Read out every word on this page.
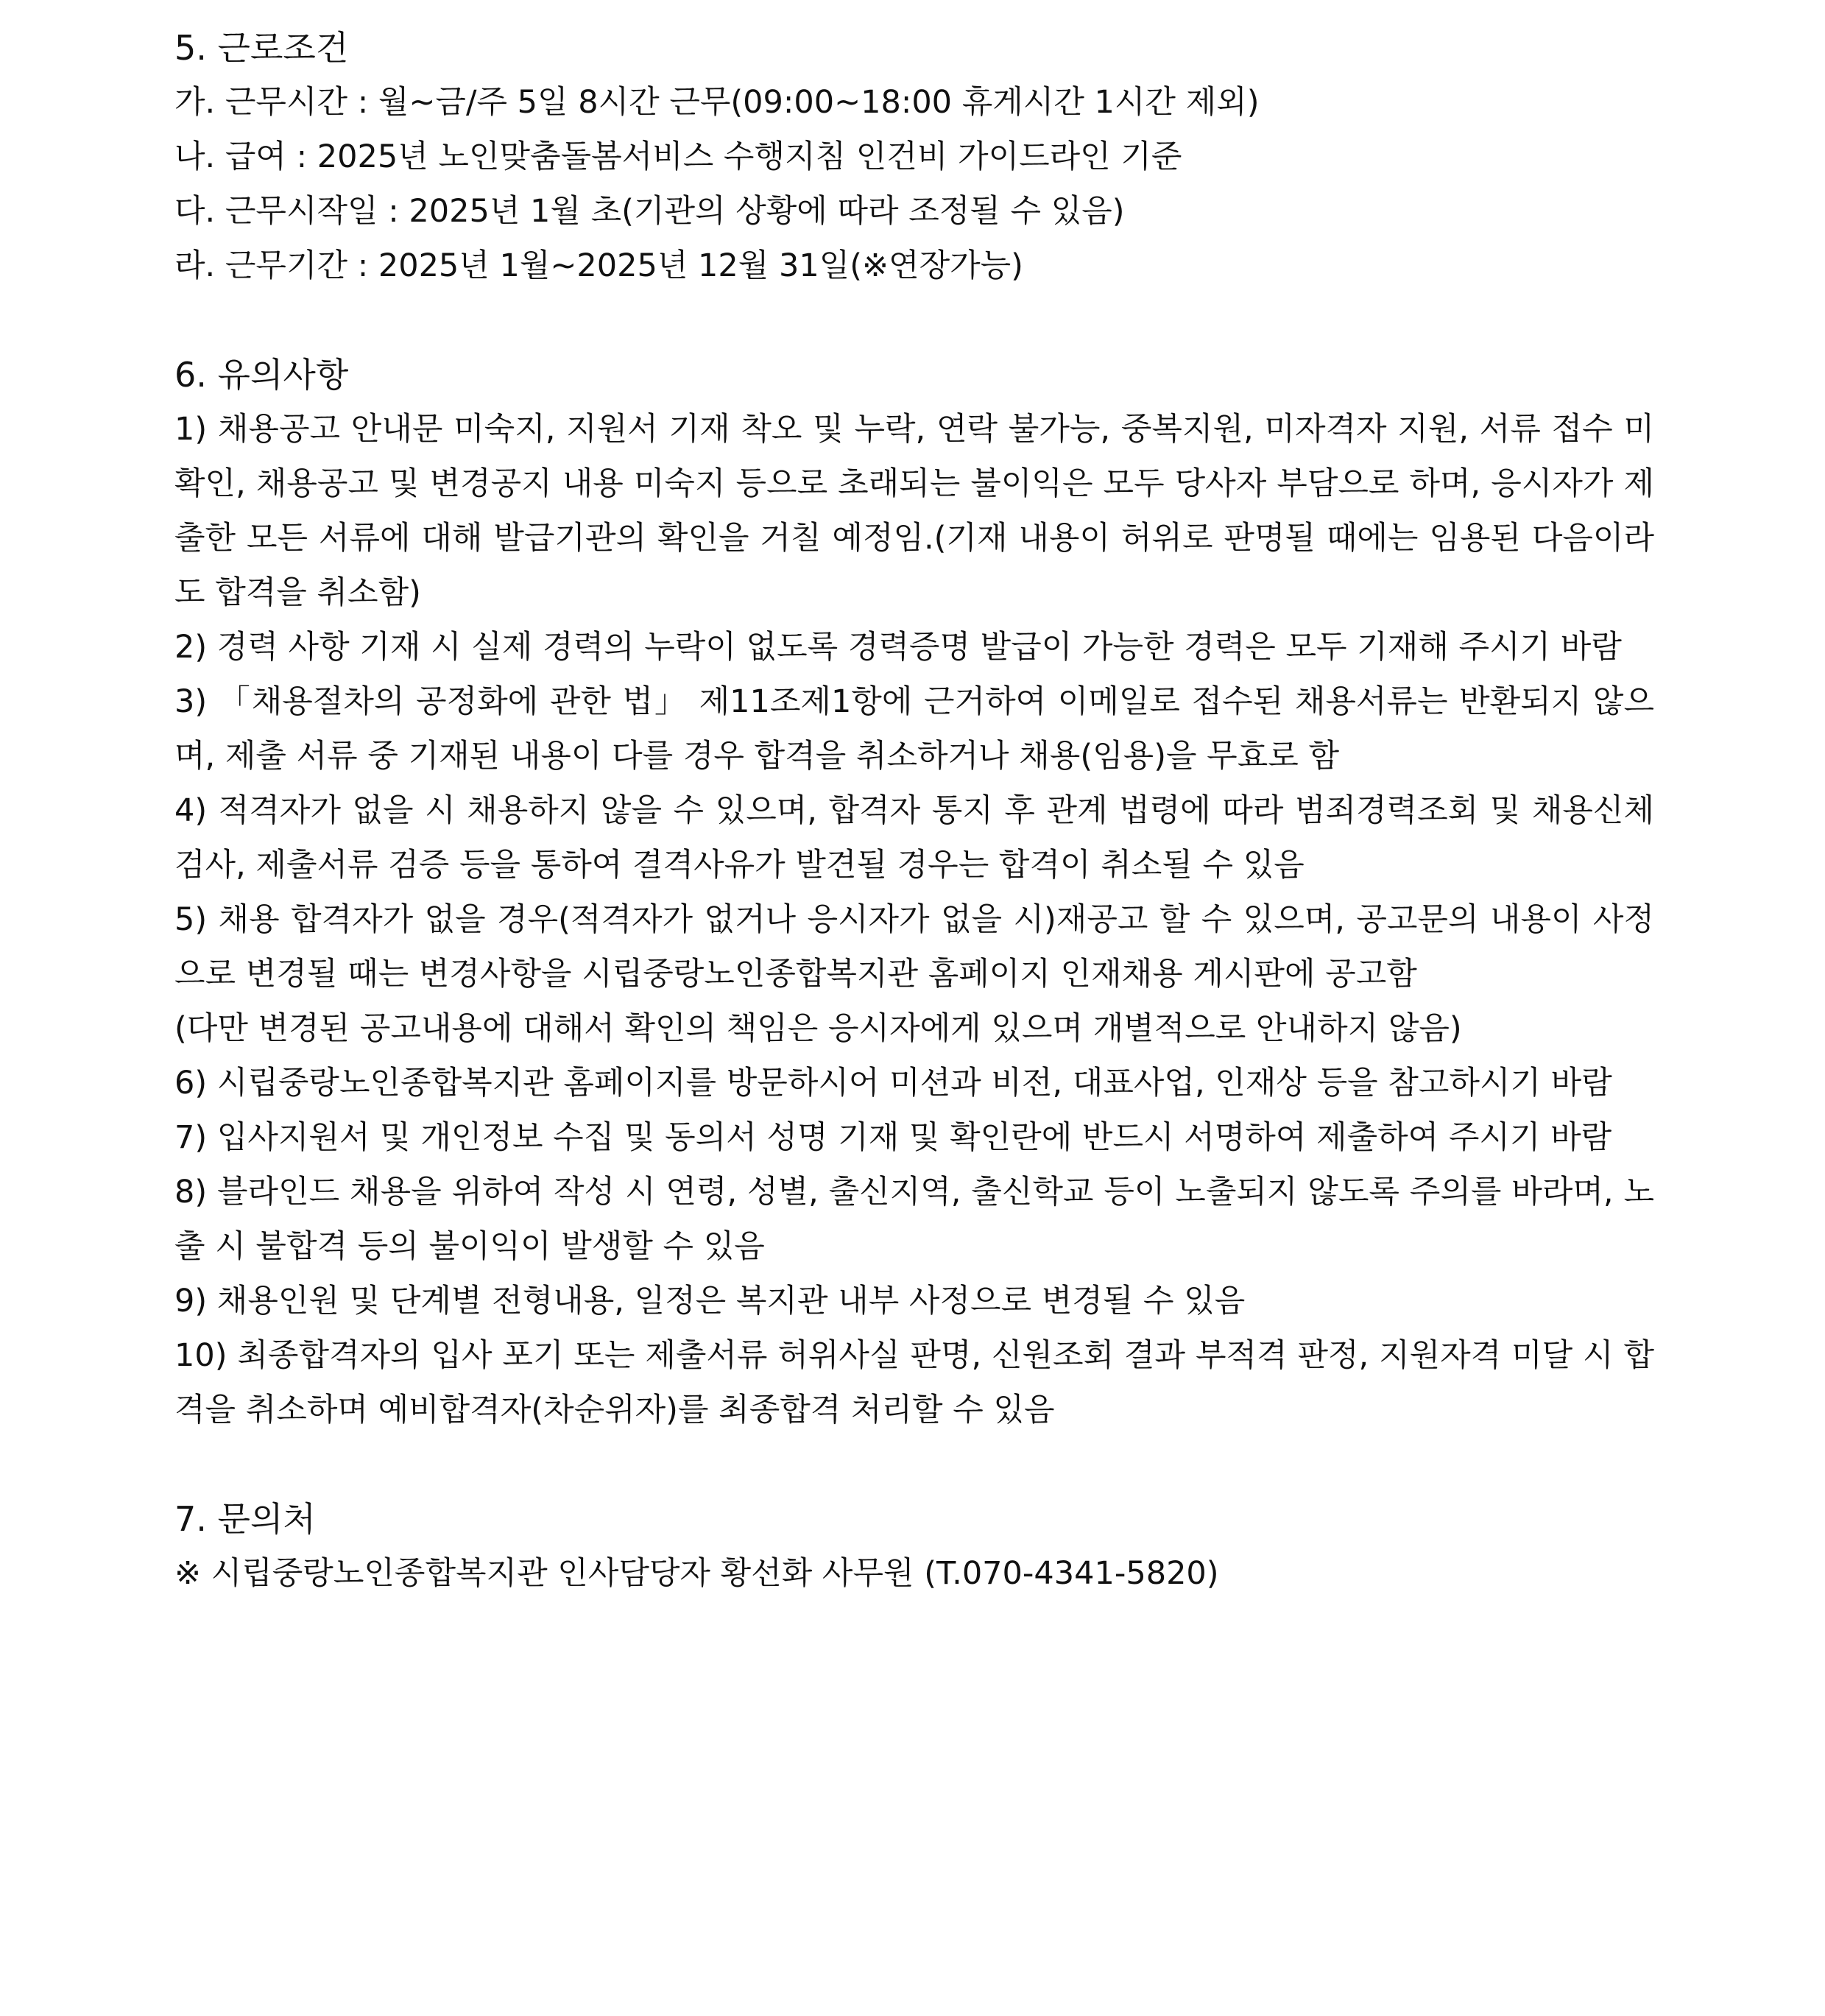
5. 근로조건

가. 근무시간 : 월~금/주 5일 8시간 근무(09:00~18:00 휴게시간 1시간 제외)

나. 급여 : 2025년 노인맞춤돌봄서비스 수행지침 인건비 가이드라인 기준

다. 근무시작일 : 2025년 1월 초(기관의 상황에 따라 조정될 수 있음)

라. 근무기간 : 2025년 1월~2025년 12월 31일(※연장가능)

6. 유의사항

1) 채용공고 안내문 미숙지, 지원서 기재 착오 및 누락, 연락 불가능, 중복지원, 미자격자 지원, 서류 접수 미확인, 채용공고 및 변경공지 내용 미숙지 등으로 초래되는 불이익은 모두 당사자 부담으로 하며, 응시자가 제출한 모든 서류에 대해 발급기관의 확인을 거칠 예정임.(기재 내용이 허위로 판명될 때에는 임용된 다음이라도 합격을 취소함)

2) 경력 사항 기재 시 실제 경력의 누락이 없도록 경력증명 발급이 가능한 경력은 모두 기재해 주시기 바람

3) 「채용절차의 공정화에 관한 법」 제11조제1항에 근거하여 이메일로 접수된 채용서류는 반환되지 않으며, 제출 서류 중 기재된 내용이 다를 경우 합격을 취소하거나 채용(임용)을 무효로 함

4) 적격자가 없을 시 채용하지 않을 수 있으며, 합격자 통지 후 관계 법령에 따라 범죄경력조회 및 채용신체검사, 제출서류 검증 등을 통하여 결격사유가 발견될 경우는 합격이 취소될 수 있음

5) 채용 합격자가 없을 경우(적격자가 없거나 응시자가 없을 시)재공고 할 수 있으며, 공고문의 내용이 사정으로 변경될 때는 변경사항을 시립중랑노인종합복지관 홈페이지 인재채용 게시판에 공고함

(다만 변경된 공고내용에 대해서 확인의 책임은 응시자에게 있으며 개별적으로 안내하지 않음)

6) 시립중랑노인종합복지관 홈페이지를 방문하시어 미션과 비전, 대표사업, 인재상 등을 참고하시기 바람

7) 입사지원서 및 개인정보 수집 및 동의서 성명 기재 및 확인란에 반드시 서명하여 제출하여 주시기 바람

8) 블라인드 채용을 위하여 작성 시 연령, 성별, 출신지역, 출신학교 등이 노출되지 않도록 주의를 바라며, 노출 시 불합격 등의 불이익이 발생할 수 있음

9) 채용인원 및 단계별 전형내용, 일정은 복지관 내부 사정으로 변경될 수 있음

10) 최종합격자의 입사 포기 또는 제출서류 허위사실 판명, 신원조회 결과 부적격 판정, 지원자격 미달 시 합격을 취소하며 예비합격자(차순위자)를 최종합격 처리할 수 있음

7. 문의처

※ 시립중랑노인종합복지관 인사담당자 황선화 사무원 (T.070-4341-5820)
